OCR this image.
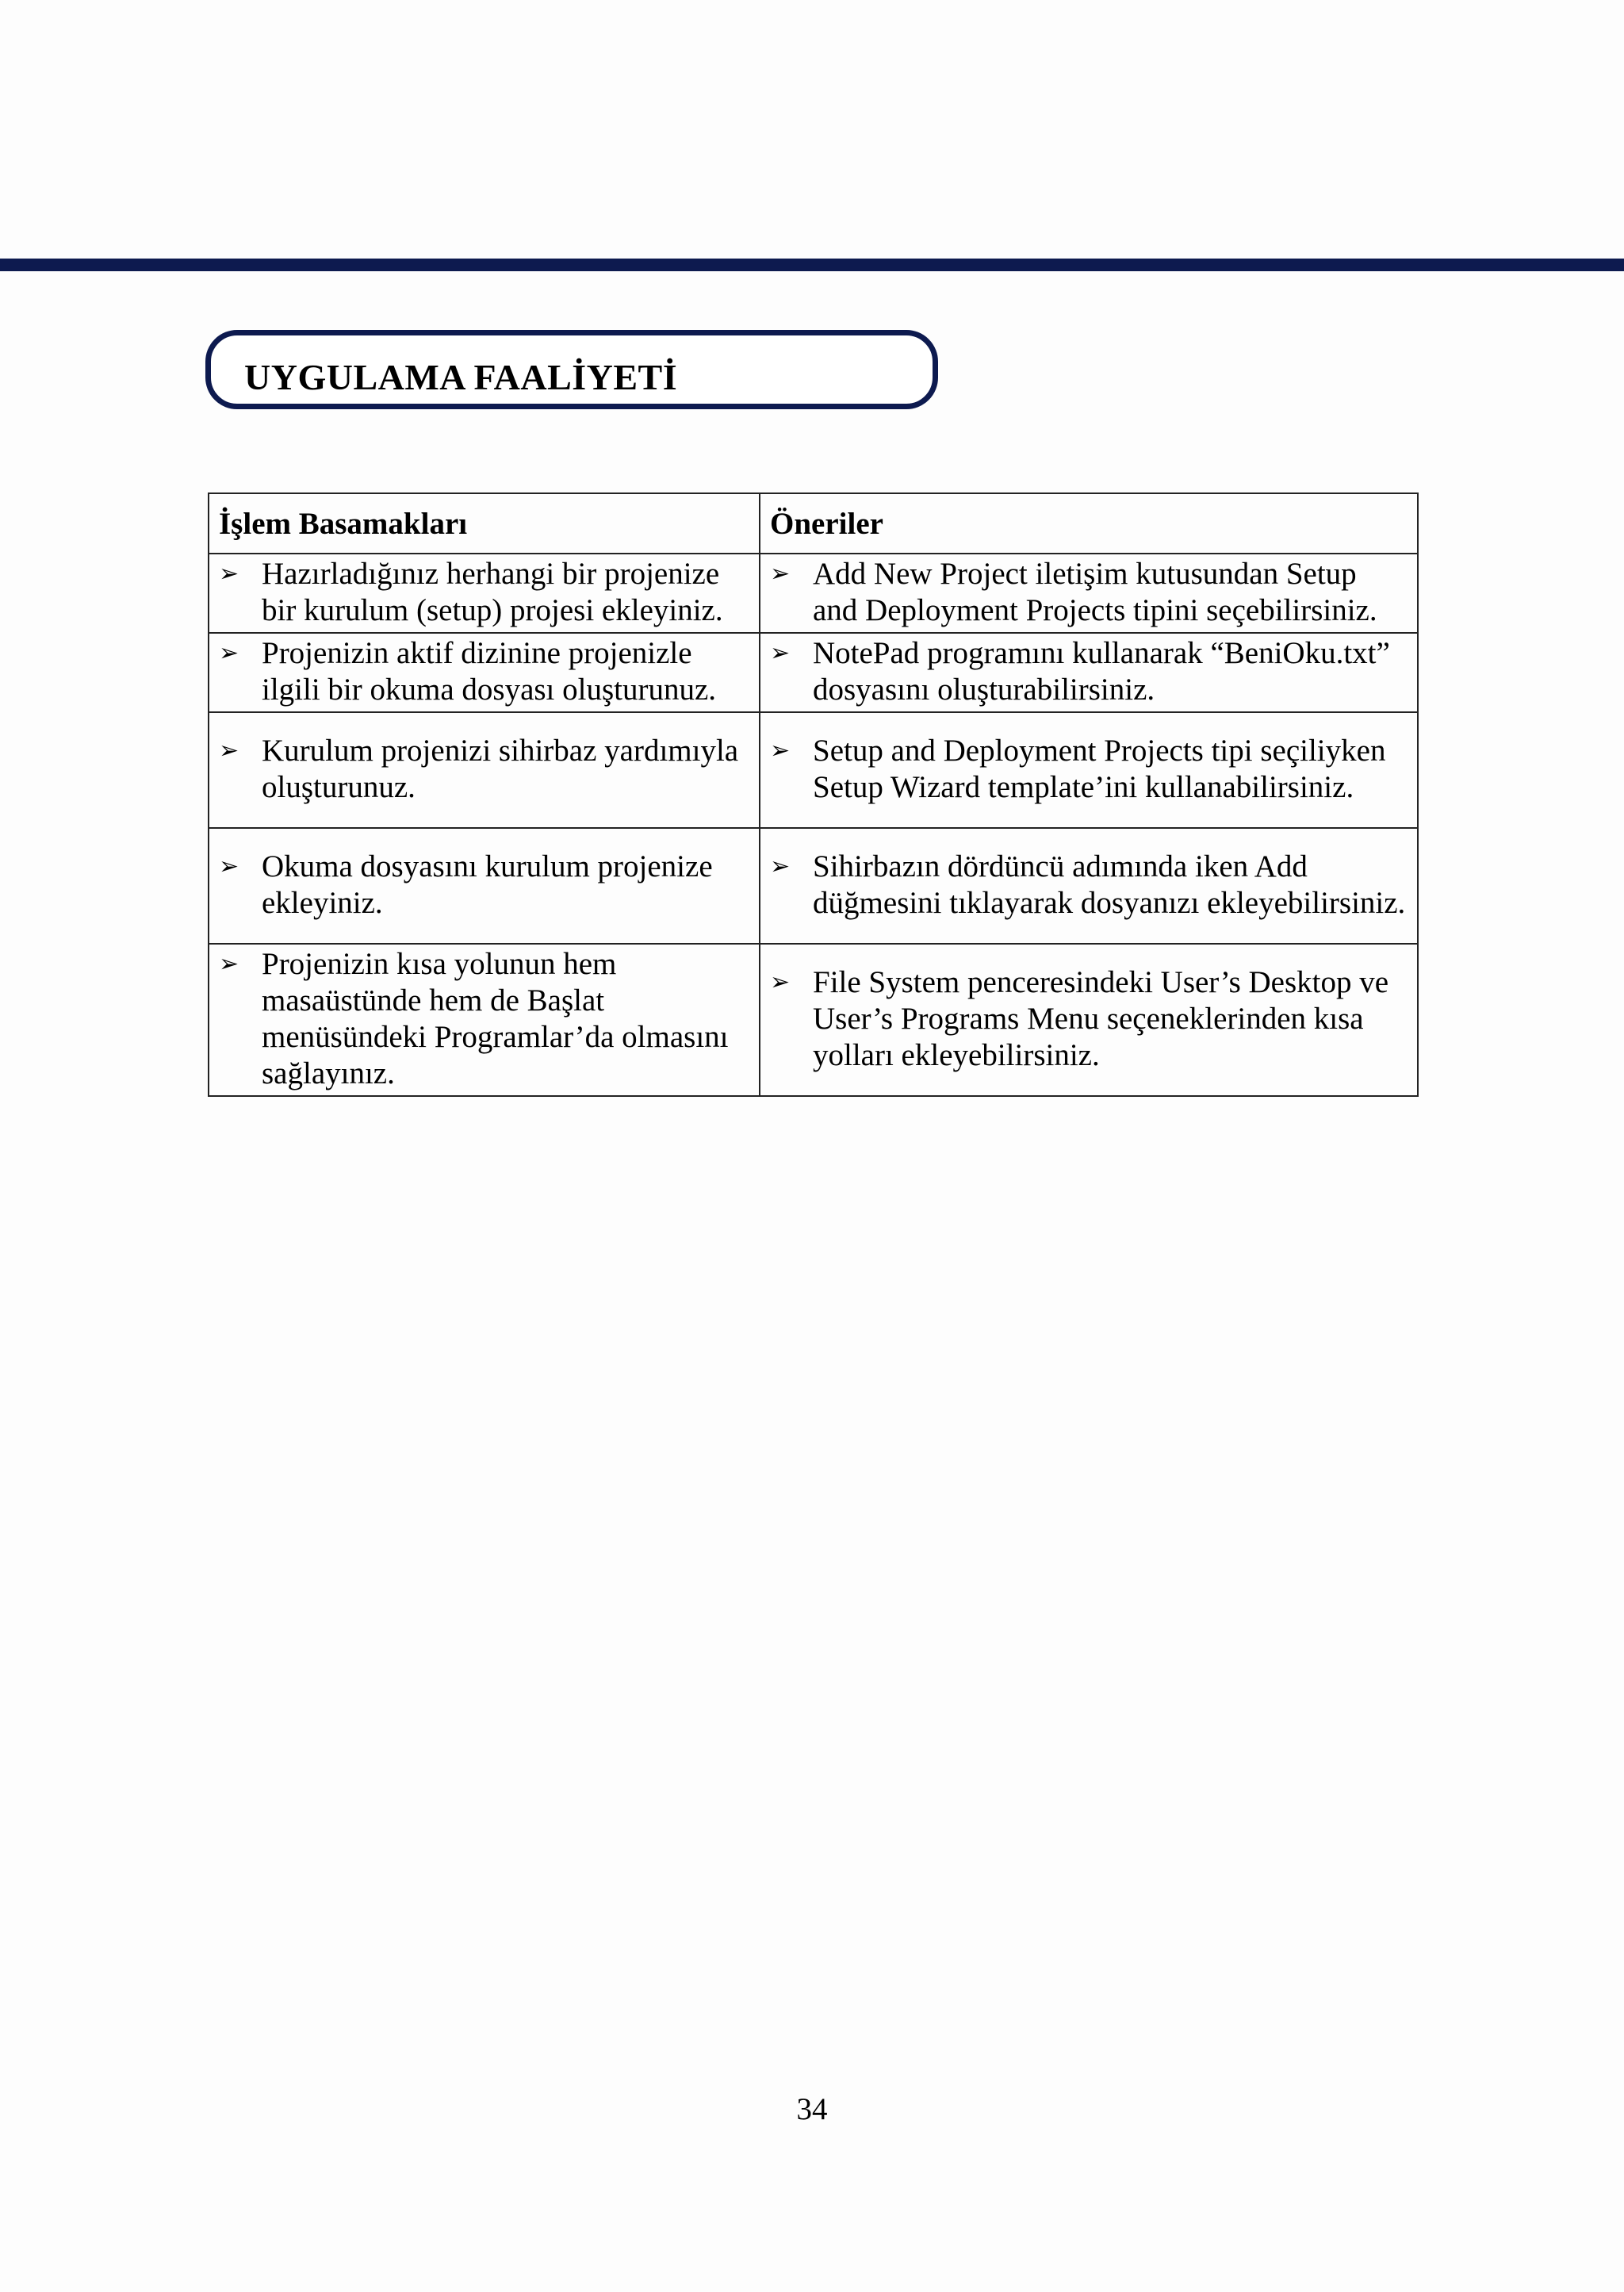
UYGULAMA FAALİYETİ
İşlem Basamakları	Öneriler

➢ Hazırladığınız herhangi bir projenize bir kurulum (setup) projesi ekleyiniz.	➢ Add New Project iletişim kutusundan Setup and Deployment Projects tipini seçebilirsiniz.

➢ Projenizin aktif dizinine projenizle ilgili bir okuma dosyası oluşturunuz.	➢ NotePad programını kullanarak “BeniOku.txt” dosyasını oluşturabilirsiniz.

➢ Kurulum projenizi sihirbaz yardımıyla oluşturunuz.	➢ Setup and Deployment Projects tipi seçiliyken Setup Wizard template’ini kullanabilirsiniz.

➢ Okuma dosyasını kurulum projenize ekleyiniz.	➢ Sihirbazın dördüncü adımında iken Add düğmesini tıklayarak dosyanızı ekleyebilirsiniz.

➢ Projenizin kısa yolunun hem masaüstünde hem de Başlat menüsündeki Programlar’da olmasını sağlayınız.	➢ File System penceresindeki User’s Desktop ve User’s Programs Menu seçeneklerinden kısa yolları ekleyebilirsiniz.
34
